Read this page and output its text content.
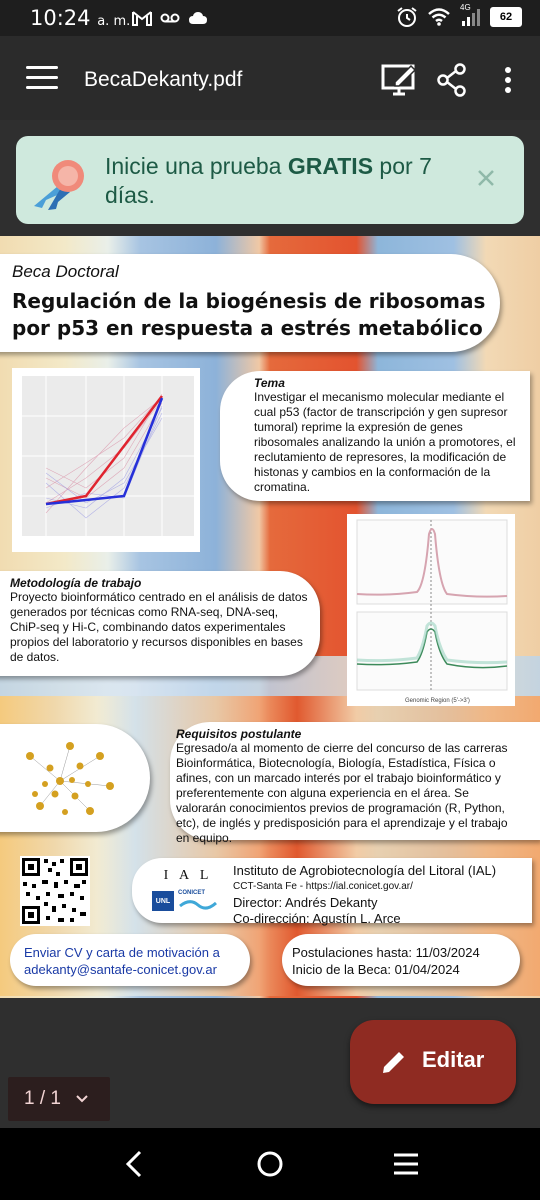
10:24 a. m.
4G
62
BecaDekanty.pdf
Inicie una prueba GRATIS por 7 días.
Beca Doctoral
Regulación de la biogénesis de ribosomas por p53 en respuesta a estrés metabólico
Tema
Investigar el mecanismo molecular mediante el cual p53 (factor de transcripción y gen supresor tumoral) reprime la expresión de genes ribosomales analizando la unión a promotores, el reclutamiento de represores, la modificación de histonas y cambios en la conformación de la cromatina.
Genomic Region (5'->3')
Metodología de trabajo
Proyecto bioinformático centrado en el análisis de datos generados por técnicas como RNA-seq, DNA-seq, ChiP-seq y Hi-C, combinando datos experimentales propios del laboratorio y recursos disponibles en bases de datos.
Requisitos postulante
Egresado/a al momento de cierre del concurso de las carreras Bioinformática, Biotecnología, Biología, Estadística, Física o afines, con un marcado interés por el trabajo bioinformático y preferentemente con alguna experiencia en el área. Se valorarán conocimientos previos de programación (R, Python, etc), de inglés y predisposición para el aprendizaje y el trabajo en equipo.
I A L
UNL
CONICET
Instituto de Agrobiotecnología del Litoral (IAL)
CCT-Santa Fe - https://ial.conicet.gov.ar/
Director: Andrés Dekanty
Co-dirección: Agustín L. Arce
Enviar CV y carta de motivación a
adekanty@santafe-conicet.gov.ar
Postulaciones hasta: 11/03/2024
Inicio de la Beca: 01/04/2024
Editar
1 / 1
